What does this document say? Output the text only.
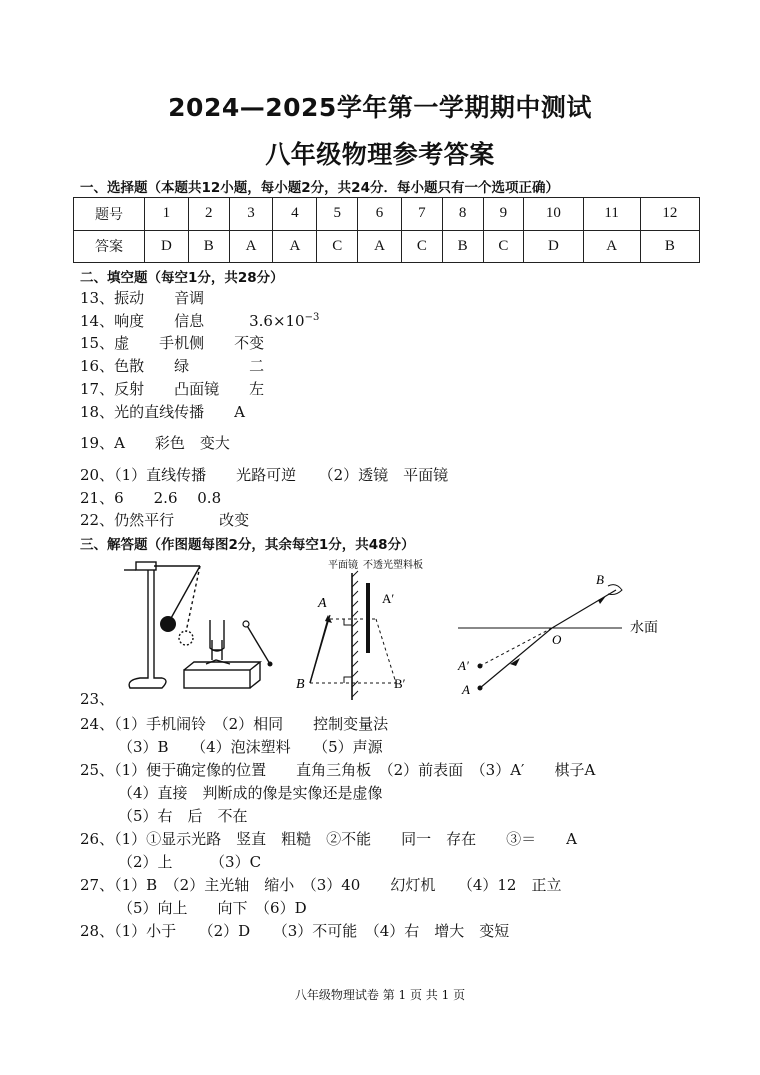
2024—2025学年第一学期期中测试
八年级物理参考答案
一、选择题（本题共12小题，每小题2分，共24分．每小题只有一个选项正确）
题号	1	2	3	4	5	6	7	8	9	10	11	12
答案	D	B	A	A	C	A	C	B	C	D	A	B
二、填空题（每空1分，共28分）
13、振动　　音调
14、响度　　信息　　　$3.6\times 10^{-3}$
15、虚　　手机侧　　不变
16、色散　　绿　　　　二
17、反射　　凸面镜　　左
18、光的直线传播　　A
19、A　　彩色　变大
20、（1）直线传播　　光路可逆　　（2）透镜　平面镜
21、6　　2.6　 0.8
22、仍然平行　　　改变
三、解答题（作图题每图2分，其余每空1分，共48分）
23、
平面镜 不透光塑料板
A	A′
B	B′
B
O
A′
A
水面
24、（1）手机闹铃　（2）相同　　控制变量法
（3）B　　（4）泡沫塑料　　（5）声源
25、（1）便于确定像的位置　　直角三角板　（2）前表面　（3）A′　　棋子A
（4）直接　判断成的像是实像还是虚像
（5）右　后　不在
26、（1）①显示光路　竖直　粗糙　②不能　　同一　存在　　③＝　　A
（2）上　　　（3）C
27、（1）B　（2）主光轴　缩小　（3）40　　幻灯机　　（4）12　正立
（5）向上　　向下　（6）D
28、（1）小于　　（2）D　　（3）不可能　（4）右　增大　变短
八年级物理试卷 第 1 页 共 1 页
